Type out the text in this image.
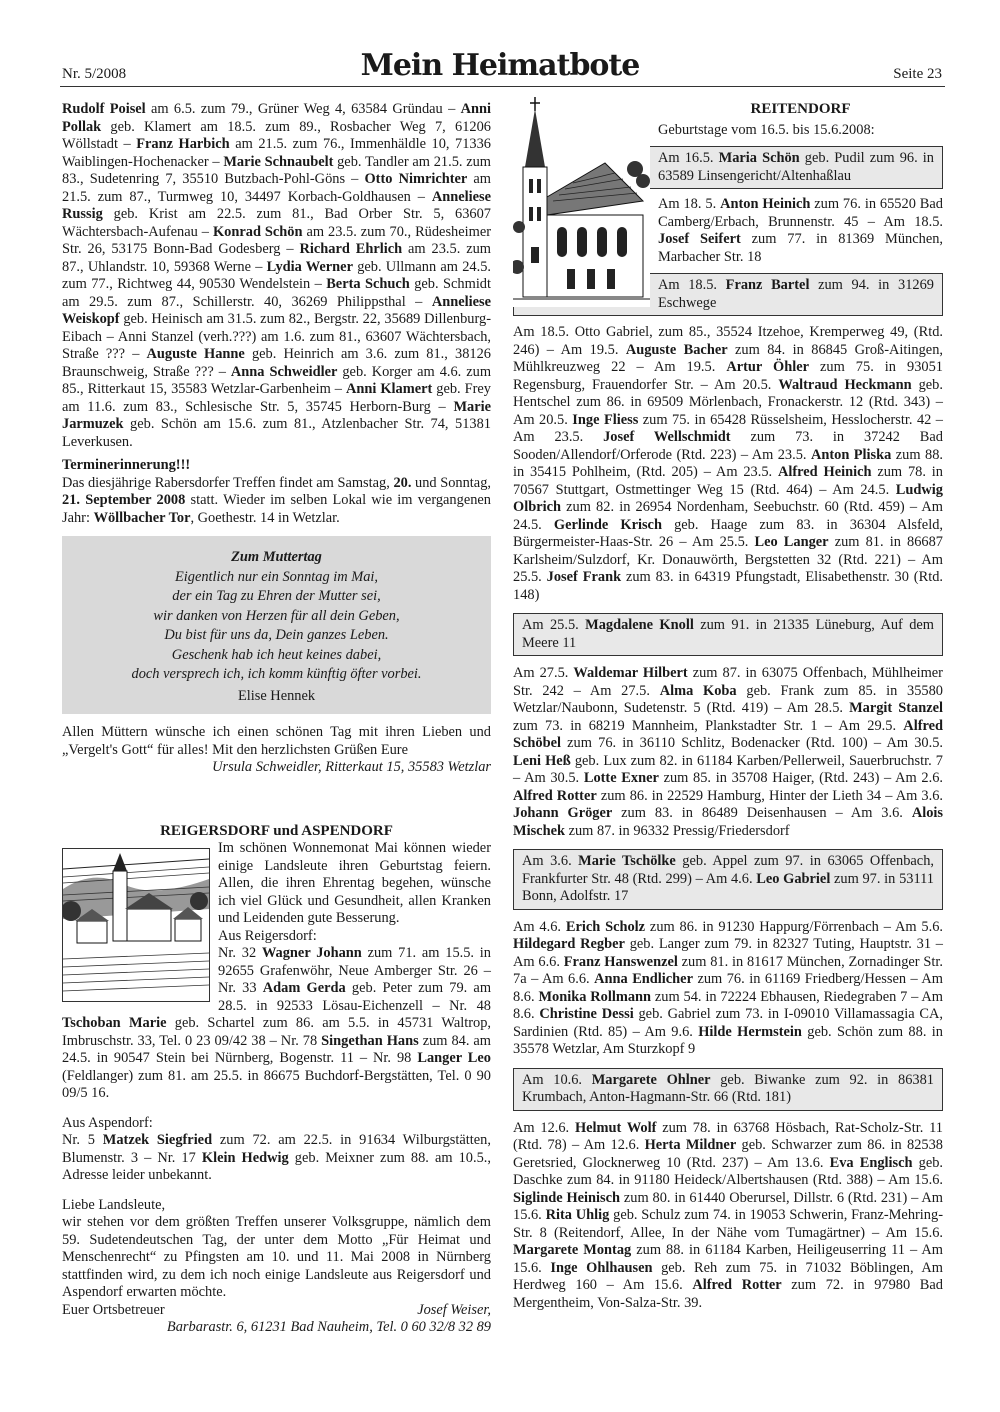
Nr. 5/2008	Mein Heimatbote	Seite 23

Rudolf Poisel am 6.5. zum 79., Grüner Weg 4, 63584 Gründau – Anni Pollak geb. Klamert am 18.5. zum 89., Rosbacher Weg 7, 61206 Wöllstadt – Franz Harbich am 21.5. zum 76., Immenhäldle 10, 71336 Waiblingen-Hochenacker – Marie Schnaubelt geb. Tandler am 21.5. zum 83., Sudetenring 7, 35510 Butzbach-Pohl-Göns – Otto Nimrichter am 21.5. zum 87., Turmweg 10, 34497 Korbach-Goldhausen – Anneliese Russig geb. Krist am 22.5. zum 81., Bad Orber Str. 5, 63607 Wächtersbach-Aufenau – Konrad Schön am 23.5. zum 70., Rüdesheimer Str. 26, 53175 Bonn-Bad Godesberg – Richard Ehrlich am 23.5. zum 87., Uhlandstr. 10, 59368 Werne – Lydia Werner geb. Ullmann am 24.5. zum 77., Richtweg 44, 90530 Wendelstein – Berta Schuch geb. Schmidt am 29.5. zum 87., Schillerstr. 40, 36269 Philippsthal – Anneliese Weiskopf geb. Heinisch am 31.5. zum 82., Bergstr. 22, 35689 Dillenburg-Eibach – Anni Stanzel (verh.???) am 1.6. zum 81., 63607 Wächtersbach, Straße ??? – Auguste Hanne geb. Heinrich am 3.6. zum 81., 38126 Braunschweig, Straße ??? – Anna Schweidler geb. Korger am 4.6. zum 85., Ritterkaut 15, 35583 Wetzlar-Garbenheim – Anni Klamert geb. Frey am 11.6. zum 83., Schlesische Str. 5, 35745 Herborn-Burg – Marie Jarmuzek geb. Schön am 15.6. zum 81., Atzlenbacher Str. 74, 51381 Leverkusen.

Terminerinnerung!!!

Das diesjährige Rabersdorfer Treffen findet am Samstag, 20. und Sonntag, 21. September 2008 statt. Wieder im selben Lokal wie im vergangenen Jahr: Wöllbacher Tor, Goethestr. 14 in Wetzlar.

Zum Muttertag
Eigentlich nur ein Sonntag im Mai,
der ein Tag zu Ehren der Mutter sei,
wir danken von Herzen für all dein Geben,
Du bist für uns da, Dein ganzes Leben.
Geschenk hab ich heut keines dabei,
doch versprech ich, ich komm künftig öfter vorbei.
Elise Hennek

Allen Müttern wünsche ich einen schönen Tag mit ihren Lieben und „Vergelt's Gott“ für alles! Mit den herzlichsten Grüßen Eure

Ursula Schweidler, Ritterkaut 15, 35583 Wetzlar

REIGERSDORF und ASPENDORF

Im schönen Wonnemonat Mai können wieder einige Landsleute ihren Geburtstag feiern. Allen, die ihren Ehrentag begehen, wünsche ich viel Glück und Gesundheit, allen Kranken und Leidenden gute Besserung.

Aus Reigersdorf:

Nr. 32 Wagner Johann zum 71. am 15.5. in 92655 Grafenwöhr, Neue Amberger Str. 26 – Nr. 33 Adam Gerda geb. Peter zum 79. am 28.5. in 92533 Lösau-Eichenzell – Nr. 48 Tschoban Marie geb. Schartel zum 86. am 5.5. in 45731 Waltrop, Imbruschstr. 33, Tel. 0 23 09/42 38 – Nr. 78 Singethan Hans zum 84. am 24.5. in 90547 Stein bei Nürnberg, Bogenstr. 11 – Nr. 98 Langer Leo (Feldlanger) zum 81. am 25.5. in 86675 Buchdorf-Bergstätten, Tel. 0 90 09/5 16.

Aus Aspendorf:

Nr. 5 Matzek Siegfried zum 72. am 22.5. in 91634 Wilburgstätten, Blumenstr. 3 – Nr. 17 Klein Hedwig geb. Meixner zum 88. am 10.5., Adresse leider unbekannt.

Liebe Landsleute,

wir stehen vor dem größten Treffen unserer Volksgruppe, nämlich dem 59. Sudetendeutschen Tag, der unter dem Motto „Für Heimat und Menschenrecht“ zu Pfingsten am 10. und 11. Mai 2008 in Nürnberg stattfinden wird, zu dem ich noch einige Landsleute aus Reigersdorf und Aspendorf erwarten möchte.

Euer Ortsbetreuer	Josef Weiser,

Barbarastr. 6, 61231 Bad Nauheim, Tel. 0 60 32/8 32 89

REITENDORF

Geburtstage vom 16.5. bis 15.6.2008:

Am 16.5. Maria Schön geb. Pudil zum 96. in 63589 Linsengericht/Altenhaßlau

Am 18. 5. Anton Heinich zum 76. in 65520 Bad Camberg/Erbach, Brunnenstr. 45 – Am 18.5. Josef Seifert zum 77. in 81369 München, Marbacher Str. 18

Am 18.5. Franz Bartel zum 94. in 31269 Eschwege

Am 18.5. Otto Gabriel, zum 85., 35524 Itzehoe, Kremperweg 49, (Rtd. 246) – Am 19.5. Auguste Bacher zum 84. in 86845 Groß-Aitingen, Mühlkreuzweg 22 – Am 19.5. Artur Öhler zum 75. in 93051 Regensburg, Frauendorfer Str. – Am 20.5. Waltraud Heckmann geb. Hentschel zum 86. in 69509 Mörlenbach, Fronackerstr. 12 (Rtd. 343) – Am 20.5. Inge Fliess zum 75. in 65428 Rüsselsheim, Hesslocherstr. 42 – Am 23.5. Josef Wellschmidt zum 73. in 37242 Bad Sooden/Allendorf/Orferode (Rtd. 223) – Am 23.5. Anton Pliska zum 88. in 35415 Pohlheim, (Rtd. 205) – Am 23.5. Alfred Heinich zum 78. in 70567 Stuttgart, Ostmettinger Weg 15 (Rtd. 464) – Am 24.5. Ludwig Olbrich zum 82. in 26954 Nordenham, Seebuchstr. 60 (Rtd. 459) – Am 24.5. Gerlinde Krisch geb. Haage zum 83. in 36304 Alsfeld, Bürgermeister-Haas-Str. 26 – Am 25.5. Leo Langer zum 81. in 86687 Karlsheim/Sulzdorf, Kr. Donauwörth, Bergstetten 32 (Rtd. 221) – Am 25.5. Josef Frank zum 83. in 64319 Pfungstadt, Elisabethenstr. 30 (Rtd. 148)

Am 25.5. Magdalene Knoll zum 91. in 21335 Lüneburg, Auf dem Meere 11

Am 27.5. Waldemar Hilbert zum 87. in 63075 Offenbach, Mühlheimer Str. 242 – Am 27.5. Alma Koba geb. Frank zum 85. in 35580 Wetzlar/Naubonn, Sudetenstr. 5 (Rtd. 419) – Am 28.5. Margit Stanzel zum 73. in 68219 Mannheim, Plankstadter Str. 1 – Am 29.5. Alfred Schöbel zum 76. in 36110 Schlitz, Bodenacker (Rtd. 100) – Am 30.5. Leni Heß geb. Lux zum 82. in 61184 Karben/Pellerweil, Sauerbruchstr. 7 – Am 30.5. Lotte Exner zum 85. in 35708 Haiger, (Rtd. 243) – Am 2.6. Alfred Rotter zum 86. in 22529 Hamburg, Hinter der Lieth 34 – Am 3.6. Johann Gröger zum 83. in 86489 Deisenhausen – Am 3.6. Alois Mischek zum 87. in 96332 Pressig/Friedersdorf

Am 3.6. Marie Tschölke geb. Appel zum 97. in 63065 Offenbach, Frankfurter Str. 48 (Rtd. 299) – Am 4.6. Leo Gabriel zum 97. in 53111 Bonn, Adolfstr. 17

Am 4.6. Erich Scholz zum 86. in 91230 Happurg/Förrenbach – Am 5.6. Hildegard Regber geb. Langer zum 79. in 82327 Tuting, Hauptstr. 31 – Am 6.6. Franz Hanswenzel zum 81. in 81617 München, Zornadinger Str. 7a – Am 6.6. Anna Endlicher zum 76. in 61169 Friedberg/Hessen – Am 8.6. Monika Rollmann zum 54. in 72224 Ebhausen, Riedegraben 7 – Am 8.6. Christine Dessi geb. Gabriel zum 73. in I-09010 Villamassagia CA, Sardinien (Rtd. 85) – Am 9.6. Hilde Hermstein geb. Schön zum 88. in 35578 Wetzlar, Am Sturzkopf 9

Am 10.6. Margarete Ohlner geb. Biwanke zum 92. in 86381 Krumbach, Anton-Hagmann-Str. 66 (Rtd. 181)

Am 12.6. Helmut Wolf zum 78. in 63768 Hösbach, Rat-Scholz-Str. 11 (Rtd. 78) – Am 12.6. Herta Mildner geb. Schwarzer zum 86. in 82538 Geretsried, Glocknerweg 10 (Rtd. 237) – Am 13.6. Eva Englisch geb. Daschke zum 84. in 91180 Heideck/Albertshausen (Rtd. 388) – Am 15.6. Siglinde Heinisch zum 80. in 61440 Oberursel, Dillstr. 6 (Rtd. 231) – Am 15.6. Rita Uhlig geb. Schulz zum 74. in 19053 Schwerin, Franz-Mehring-Str. 8 (Reitendorf, Allee, In der Nähe vom Tumagärtner) – Am 15.6. Margarete Montag zum 88. in 61184 Karben, Heiligeuserring 11 – Am 15.6. Inge Ohlhausen geb. Reh zum 75. in 71032 Böblingen, Am Herdweg 160 – Am 15.6. Alfred Rotter zum 72. in 97980 Bad Mergentheim, Von-Salza-Str. 39.
